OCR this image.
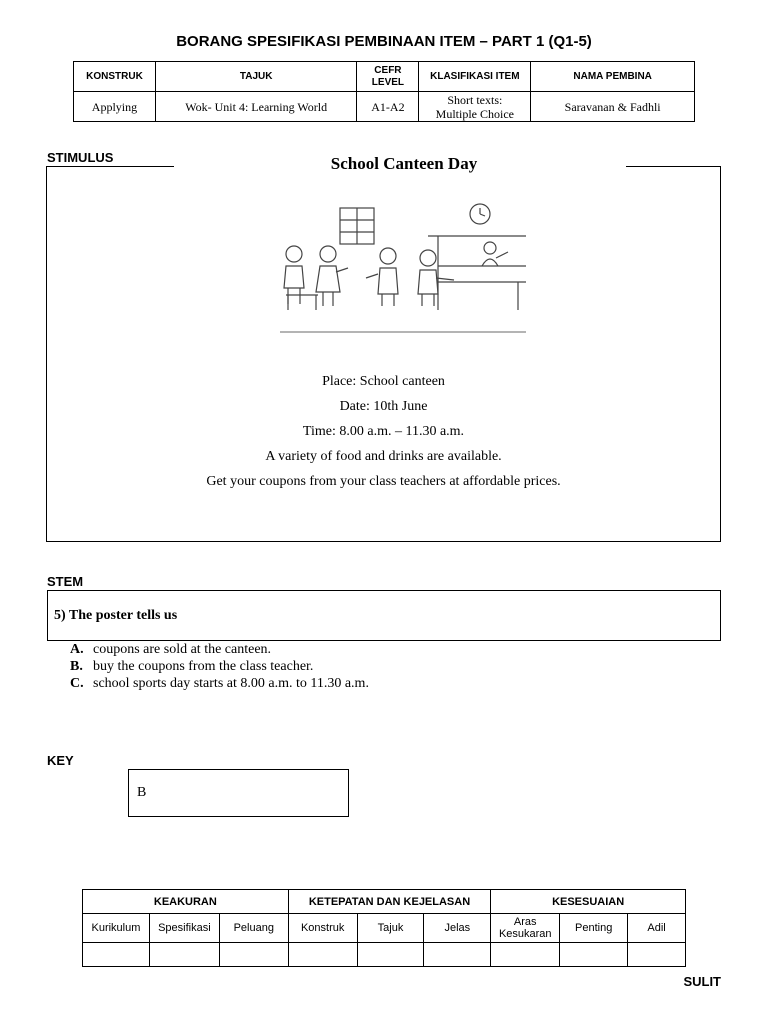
BORANG SPESIFIKASI PEMBINAAN ITEM – PART 1 (Q1-5)
KONSTRUK	TAJUK	CEFR LEVEL	KLASIFIKASI ITEM	NAMA PEMBINA
Applying	Wok- Unit 4: Learning World	A1-A2	Short texts: Multiple Choice	Saravanan & Fadhli
STIMULUS	School Canteen Day
Place: School canteen
Date: 10th June
Time: 8.00 a.m. – 11.30 a.m.
A variety of food and drinks are available.
Get your coupons from your class teachers at affordable prices.
STEM
5) The poster tells us
A. coupons are sold at the canteen.
B. buy the coupons from the class teacher.
C. school sports day starts at 8.00 a.m. to 11.30 a.m.
KEY
B
KEAKURAN			KETEPATAN DAN KEJELASAN			KESESUAIAN		
Kurikulum	Spesifikasi	Peluang	Konstruk	Tajuk	Jelas	Aras Kesukaran	Penting	Adil

SULIT
